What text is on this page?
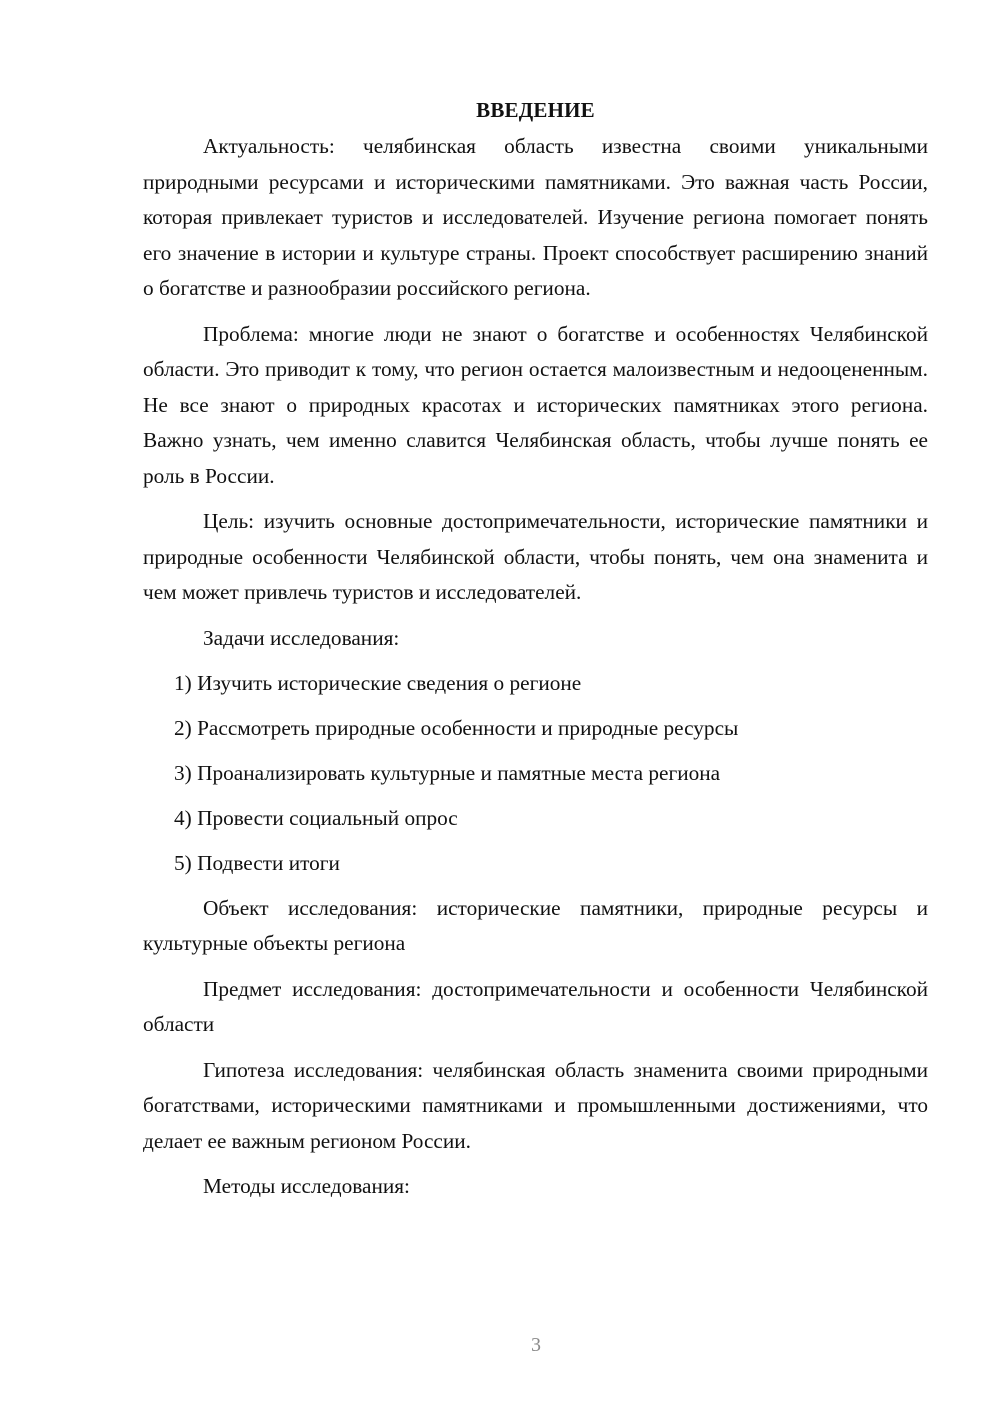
ВВЕДЕНИЕ

Актуальность: челябинская область известна своими уникальными природными ресурсами и историческими памятниками. Это важная часть России, которая привлекает туристов и исследователей. Изучение региона помогает понять его значение в истории и культуре страны. Проект способствует расширению знаний о богатстве и разнообразии российского региона.

Проблема: многие люди не знают о богатстве и особенностях Челябинской области. Это приводит к тому, что регион остается малоизвестным и недооцененным. Не все знают о природных красотах и исторических памятниках этого региона. Важно узнать, чем именно славится Челябинская область, чтобы лучше понять ее роль в России.

Цель: изучить основные достопримечательности, исторические памятники и природные особенности Челябинской области, чтобы понять, чем она знаменита и чем может привлечь туристов и исследователей.

Задачи исследования:

1) Изучить исторические сведения о регионе
2) Рассмотреть природные особенности и природные ресурсы
3) Проанализировать культурные и памятные места региона
4) Провести социальный опрос
5) Подвести итоги

Объект исследования: исторические памятники, природные ресурсы и культурные объекты региона

Предмет исследования: достопримечательности и особенности Челябинской области

Гипотеза исследования: челябинская область знаменита своими природными богатствами, историческими памятниками и промышленными достижениями, что делает ее важным регионом России.

Методы исследования:

3
